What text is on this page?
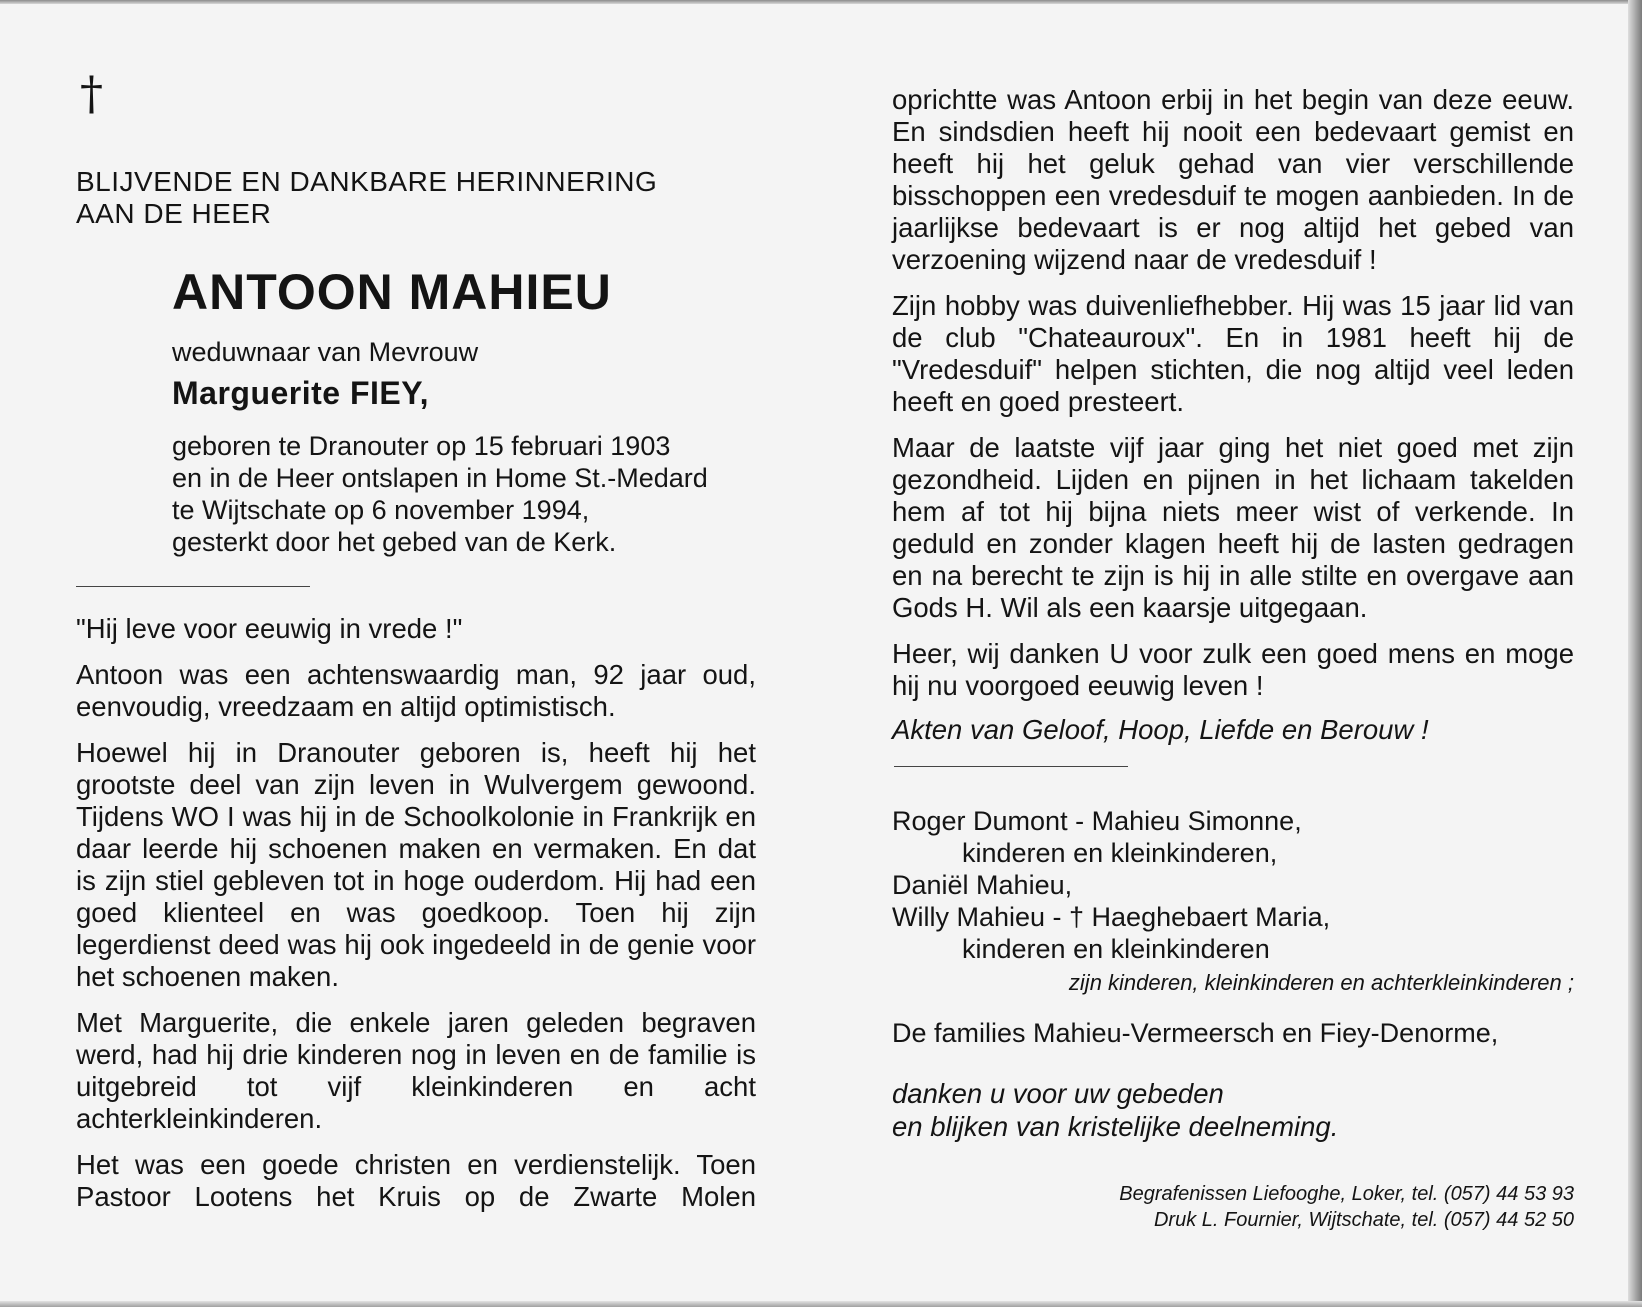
†
BLIJVENDE EN DANKBARE HERINNERING
AAN DE HEER
ANTOON MAHIEU
weduwnaar van Mevrouw
Marguerite FIEY,
geboren te Dranouter op 15 februari 1903
en in de Heer ontslapen in Home St.-Medard
te Wijtschate op 6 november 1994,
gesterkt door het gebed van de Kerk.
"Hij leve voor eeuwig in vrede !"
Antoon was een achtenswaardig man, 92 jaar oud, eenvoudig, vreedzaam en altijd optimistisch.
Hoewel hij in Dranouter geboren is, heeft hij het grootste deel van zijn leven in Wulvergem gewoond. Tijdens WO I was hij in de Schoolkolonie in Frankrijk en daar leerde hij schoenen maken en vermaken. En dat is zijn stiel gebleven tot in hoge ouderdom. Hij had een goed klienteel en was goedkoop. Toen hij zijn legerdienst deed was hij ook ingedeeld in de genie voor het schoenen maken.
Met Marguerite, die enkele jaren geleden begraven werd, had hij drie kinderen nog in leven en de familie is uitgebreid tot vijf kleinkinderen en acht achterkleinkinderen.
Het was een goede christen en verdienstelijk. Toen Pastoor Lootens het Kruis op de Zwarte Molen
oprichtte was Antoon erbij in het begin van deze eeuw. En sindsdien heeft hij nooit een bedevaart gemist en heeft hij het geluk gehad van vier verschillende bisschoppen een vredesduif te mogen aanbieden. In de jaarlijkse bedevaart is er nog altijd het gebed van verzoening wijzend naar de vredesduif !
Zijn hobby was duivenliefhebber. Hij was 15 jaar lid van de club "Chateauroux". En in 1981 heeft hij de "Vredesduif" helpen stichten, die nog altijd veel leden heeft en goed presteert.
Maar de laatste vijf jaar ging het niet goed met zijn gezondheid. Lijden en pijnen in het lichaam takelden hem af tot hij bijna niets meer wist of verkende. In geduld en zonder klagen heeft hij de lasten gedragen en na berecht te zijn is hij in alle stilte en overgave aan Gods H. Wil als een kaarsje uitgegaan.
Heer, wij danken U voor zulk een goed mens en moge hij nu voorgoed eeuwig leven !
Akten van Geloof, Hoop, Liefde en Berouw !
Roger Dumont - Mahieu Simonne,
kinderen en kleinkinderen,
Daniël Mahieu,
Willy Mahieu - † Haeghebaert Maria,
kinderen en kleinkinderen
zijn kinderen, kleinkinderen en achterkleinkinderen ;
De families Mahieu-Vermeersch en Fiey-Denorme,
danken u voor uw gebeden
en blijken van kristelijke deelneming.
Begrafenissen Liefooghe, Loker, tel. (057) 44 53 93
Druk L. Fournier, Wijtschate, tel. (057) 44 52 50
